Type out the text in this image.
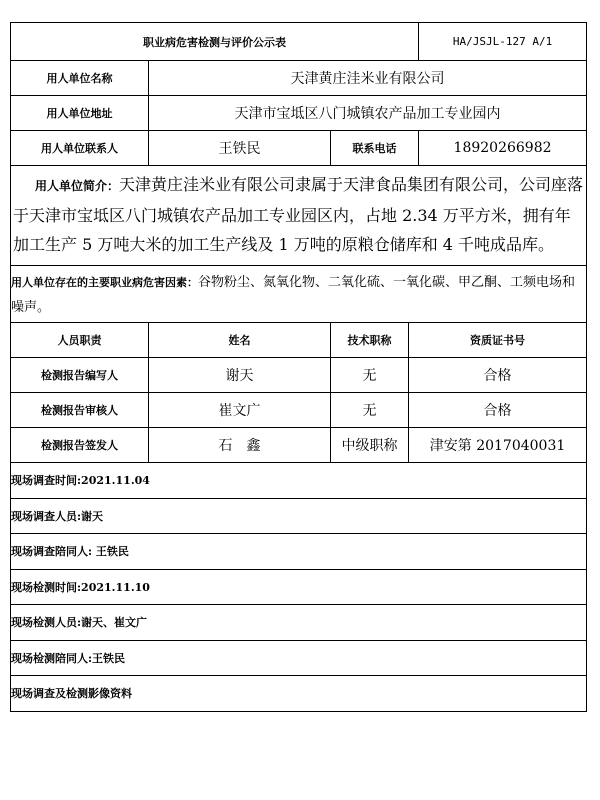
职业病危害检测与评价公示表				HA/JSJL-127 A/1
用人单位名称	天津黄庄洼米业有限公司			
用人单位地址	天津市宝坻区八门城镇农产品加工专业园内			
用人单位联系人	王铁民	联系电话		18920266982
用人单位简介：天津黄庄洼米业有限公司隶属于天津食品集团有限公司，公司座落于天津市宝坻区八门城镇农产品加工专业园区内，占地 2.34 万平方米，拥有年加工生产 5 万吨大米的加工生产线及 1 万吨的原粮仓储库和 4 千吨成品库。				
用人单位存在的主要职业病危害因素：谷物粉尘、氮氧化物、二氧化硫、一氧化碳、甲乙酮、工频电场和噪声。				
人员职责	姓名	技术职称	资质证书号	
检测报告编写人	谢天	无	合格	
检测报告审核人	崔文广	无	合格	
检测报告签发人	石　鑫	中级职称	津安第 2017040031	
现场调查时间:2021.11.04				
现场调查人员:谢天				
现场调查陪同人: 王铁民				
现场检测时间:2021.11.10				
现场检测人员:谢天、崔文广				
现场检测陪同人:王铁民				
现场调查及检测影像资料				
